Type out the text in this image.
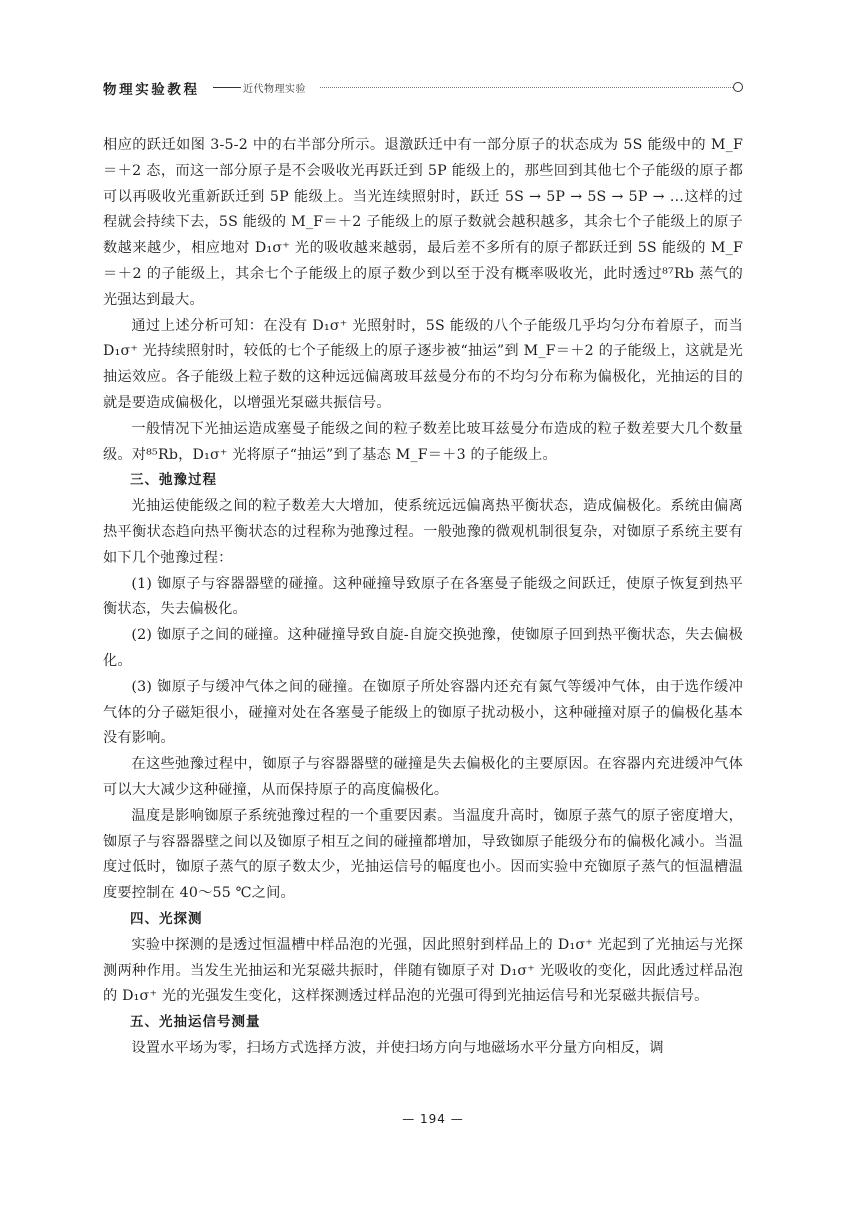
物理实验教程	近代物理实验

相应的跃迁如图 3-5-2 中的右半部分所示。退激跃迁中有一部分原子的状态成为 5S 能级中的 M_F＝＋2 态，而这一部分原子是不会吸收光再跃迁到 5P 能级上的，那些回到其他七个子能级的原子都可以再吸收光重新跃迁到 5P 能级上。当光连续照射时，跃迁 5S → 5P → 5S → 5P → …这样的过程就会持续下去，5S 能级的 M_F＝＋2 子能级上的原子数就会越积越多，其余七个子能级上的原子数越来越少，相应地对 D₁σ⁺ 光的吸收越来越弱，最后差不多所有的原子都跃迁到 5S 能级的 M_F＝＋2 的子能级上，其余七个子能级上的原子数少到以至于没有概率吸收光，此时透过⁸⁷Rb 蒸气的光强达到最大。

通过上述分析可知：在没有 D₁σ⁺ 光照射时，5S 能级的八个子能级几乎均匀分布着原子，而当 D₁σ⁺ 光持续照射时，较低的七个子能级上的原子逐步被“抽运”到 M_F＝＋2 的子能级上，这就是光抽运效应。各子能级上粒子数的这种远远偏离玻耳兹曼分布的不均匀分布称为偏极化，光抽运的目的就是要造成偏极化，以增强光泵磁共振信号。

一般情况下光抽运造成塞曼子能级之间的粒子数差比玻耳兹曼分布造成的粒子数差要大几个数量级。对⁸⁵Rb，D₁σ⁺ 光将原子“抽运”到了基态 M_F＝＋3 的子能级上。

三、弛豫过程

光抽运使能级之间的粒子数差大大增加，使系统远远偏离热平衡状态，造成偏极化。系统由偏离热平衡状态趋向热平衡状态的过程称为弛豫过程。一般弛豫的微观机制很复杂，对铷原子系统主要有如下几个弛豫过程：

(1) 铷原子与容器器壁的碰撞。这种碰撞导致原子在各塞曼子能级之间跃迁，使原子恢复到热平衡状态，失去偏极化。

(2) 铷原子之间的碰撞。这种碰撞导致自旋-自旋交换弛豫，使铷原子回到热平衡状态，失去偏极化。

(3) 铷原子与缓冲气体之间的碰撞。在铷原子所处容器内还充有氮气等缓冲气体，由于选作缓冲气体的分子磁矩很小，碰撞对处在各塞曼子能级上的铷原子扰动极小，这种碰撞对原子的偏极化基本没有影响。

在这些弛豫过程中，铷原子与容器器壁的碰撞是失去偏极化的主要原因。在容器内充进缓冲气体可以大大减少这种碰撞，从而保持原子的高度偏极化。

温度是影响铷原子系统弛豫过程的一个重要因素。当温度升高时，铷原子蒸气的原子密度增大，铷原子与容器器壁之间以及铷原子相互之间的碰撞都增加，导致铷原子能级分布的偏极化减小。当温度过低时，铷原子蒸气的原子数太少，光抽运信号的幅度也小。因而实验中充铷原子蒸气的恒温槽温度要控制在 40～55 ℃之间。

四、光探测

实验中探测的是透过恒温槽中样品泡的光强，因此照射到样品上的 D₁σ⁺ 光起到了光抽运与光探测两种作用。当发生光抽运和光泵磁共振时，伴随有铷原子对 D₁σ⁺ 光吸收的变化，因此透过样品泡的 D₁σ⁺ 光的光强发生变化，这样探测透过样品泡的光强可得到光抽运信号和光泵磁共振信号。

五、光抽运信号测量

设置水平场为零，扫场方式选择方波，并使扫场方向与地磁场水平分量方向相反，调

— 194 —
